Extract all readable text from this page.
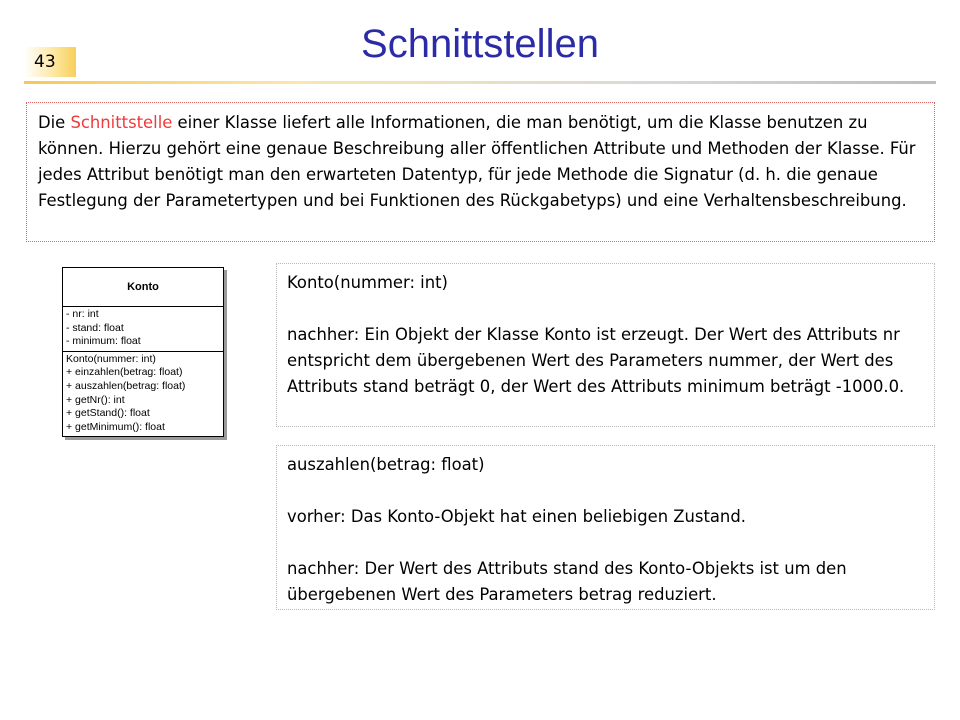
43	Schnittstellen
Die Schnittstelle einer Klasse liefert alle Informationen, die man benötigt, um die Klasse benutzen zu können. Hierzu gehört eine genaue Beschreibung aller öffentlichen Attribute und Methoden der Klasse. Für jedes Attribut benötigt man den erwarteten Datentyp, für jede Methode die Signatur (d. h. die genaue Festlegung der Parametertypen und bei Funktionen des Rückgabetyps) und eine Verhaltensbeschreibung.
Konto
- nr: int
- stand: float
- minimum: float
Konto(nummer: int)
+ einzahlen(betrag: float)
+ auszahlen(betrag: float)
+ getNr(): int
+ getStand(): float
+ getMinimum(): float

Konto(nummer: int)

nachher: Ein Objekt der Klasse Konto ist erzeugt. Der Wert des Attributs nr entspricht dem übergebenen Wert des Parameters nummer, der Wert des Attributs stand beträgt 0, der Wert des Attributs minimum beträgt -1000.0.

auszahlen(betrag: float)

vorher: Das Konto-Objekt hat einen beliebigen Zustand.

nachher: Der Wert des Attributs stand des Konto-Objekts ist um den übergebenen Wert des Parameters betrag reduziert.
